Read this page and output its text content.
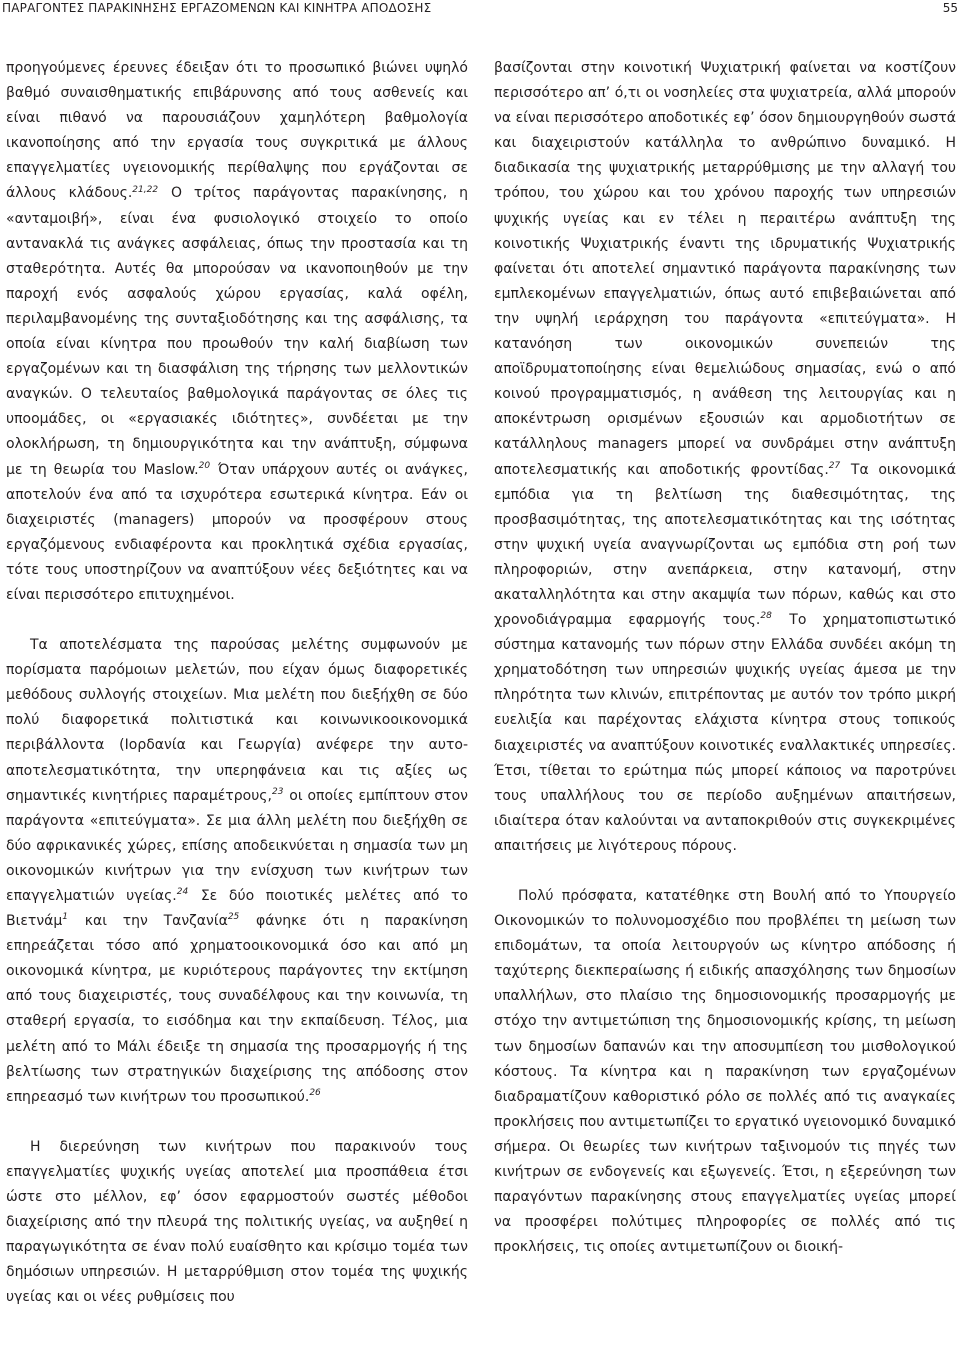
ΠΑΡΑΓΟΝΤΕΣ ΠΑΡΑΚΙΝΗΣΗΣ ΕΡΓΑΖΟΜΕΝΩΝ ΚΑΙ ΚΙΝΗΤΡΑ ΑΠΟΔΟΣΗΣ	55

προηγούμενες έρευνες έδειξαν ότι το προσωπικό βιώνει υψηλό βαθμό συναισθηματικής επιβάρυνσης από τους ασθενείς και είναι πιθανό να παρουσιάζουν χαμηλότερη βαθμολογία ικανοποίησης από την εργασία τους συγκριτικά με άλλους επαγγελματίες υγειονομικής περίθαλψης που εργάζονται σε άλλους κλάδους.$^{21,22}$ Ο τρίτος παράγοντας παρακίνησης, η «ανταμοιβή», είναι ένα φυσιολογικό στοιχείο το οποίο αντανακλά τις ανάγκες ασφάλειας, όπως την προστασία και τη σταθερότητα. Αυτές θα μπορούσαν να ικανοποιηθούν με την παροχή ενός ασφαλούς χώρου εργασίας, καλά οφέλη, περιλαμβανομένης της συνταξιοδότησης και της ασφάλισης, τα οποία είναι κίνητρα που προωθούν την καλή διαβίωση των εργαζομένων και τη διασφάλιση της τήρησης των μελλοντικών αναγκών. Ο τελευταίος βαθμολογικά παράγοντας σε όλες τις υποομάδες, οι «εργασιακές ιδιότητες», συνδέεται με την ολοκλήρωση, τη δημιουργικότητα και την ανάπτυξη, σύμφωνα με τη θεωρία του Maslow.$^{20}$ Όταν υπάρχουν αυτές οι ανάγκες, αποτελούν ένα από τα ισχυρότερα εσωτερικά κίνητρα. Εάν οι διαχειριστές (managers) μπορούν να προσφέρουν στους εργαζόμενους ενδιαφέροντα και προκλητικά σχέδια εργασίας, τότε τους υποστηρίζουν να αναπτύξουν νέες δεξιότητες και να είναι περισσότερο επιτυχημένοι.

Τα αποτελέσματα της παρούσας μελέτης συμφωνούν με πορίσματα παρόμοιων μελετών, που είχαν όμως διαφορετικές μεθόδους συλλογής στοιχείων. Μια μελέτη που διεξήχθη σε δύο πολύ διαφορετικά πολιτιστικά και κοινωνικοοικονομικά περιβάλλοντα (Ιορδανία και Γεωργία) ανέφερε την αυτο-αποτελεσματικότητα, την υπερηφάνεια και τις αξίες ως σημαντικές κινητήριες παραμέτρους,$^{23}$ οι οποίες εμπίπτουν στον παράγοντα «επιτεύγματα». Σε μια άλλη μελέτη που διεξήχθη σε δύο αφρικανικές χώρες, επίσης αποδεικνύεται η σημασία των μη οικονομικών κινήτρων για την ενίσχυση των κινήτρων των επαγγελματιών υγείας.$^{24}$ Σε δύο ποιοτικές μελέτες από το Βιετνάμ$^1$ και την Τανζανία$^{25}$ φάνηκε ότι η παρακίνηση επηρεάζεται τόσο από χρηματοοικονομικά όσο και από μη οικονομικά κίνητρα, με κυριότερους παράγοντες την εκτίμηση από τους διαχειριστές, τους συναδέλφους και την κοινωνία, τη σταθερή εργασία, το εισόδημα και την εκπαίδευση. Τέλος, μια μελέτη από το Μάλι έδειξε τη σημασία της προσαρμογής ή της βελτίωσης των στρατηγικών διαχείρισης της απόδοσης στον επηρεασμό των κινήτρων του προσωπικού.$^{26}$

Η διερεύνηση των κινήτρων που παρακινούν τους επαγγελματίες ψυχικής υγείας αποτελεί μια προσπάθεια έτσι ώστε στο μέλλον, εφ’ όσον εφαρμοστούν σωστές μέθοδοι διαχείρισης από την πλευρά της πολιτικής υγείας, να αυξηθεί η παραγωγικότητα σε έναν πολύ ευαίσθητο και κρίσιμο τομέα των δημόσιων υπηρεσιών. Η μεταρρύθμιση στον τομέα της ψυχικής υγείας και οι νέες ρυθμίσεις που

βασίζονται στην κοινοτική Ψυχιατρική φαίνεται να κοστίζουν περισσότερο απ’ ό,τι οι νοσηλείες στα ψυχιατρεία, αλλά μπορούν να είναι περισσότερο αποδοτικές εφ’ όσον δημιουργηθούν σωστά και διαχειριστούν κατάλληλα το ανθρώπινο δυναμικό. Η διαδικασία της ψυχιατρικής μεταρρύθμισης με την αλλαγή του τρόπου, του χώρου και του χρόνου παροχής των υπηρεσιών ψυχικής υγείας και εν τέλει η περαιτέρω ανάπτυξη της κοινοτικής Ψυχιατρικής έναντι της ιδρυματικής Ψυχιατρικής φαίνεται ότι αποτελεί σημαντικό παράγοντα παρακίνησης των εμπλεκομένων επαγγελματιών, όπως αυτό επιβεβαιώνεται από την υψηλή ιεράρχηση του παράγοντα «επιτεύγματα». Η κατανόηση των οικονομικών συνεπειών της αποϊδρυματοποίησης είναι θεμελιώδους σημασίας, ενώ ο από κοινού προγραμματισμός, η ανάθεση της λειτουργίας και η αποκέντρωση ορισμένων εξουσιών και αρμοδιοτήτων σε κατάλληλους managers μπορεί να συνδράμει στην ανάπτυξη αποτελεσματικής και αποδοτικής φροντίδας.$^{27}$ Τα οικονομικά εμπόδια για τη βελτίωση της διαθεσιμότητας, της προσβασιμότητας, της αποτελεσματικότητας και της ισότητας στην ψυχική υγεία αναγνωρίζονται ως εμπόδια στη ροή των πληροφοριών, στην ανεπάρκεια, στην κατανομή, στην ακαταλληλότητα και στην ακαμψία των πόρων, καθώς και στο χρονοδιάγραμμα εφαρμογής τους.$^{28}$ Το χρηματοπιστωτικό σύστημα κατανομής των πόρων στην Ελλάδα συνδέει ακόμη τη χρηματοδότηση των υπηρεσιών ψυχικής υγείας άμεσα με την πληρότητα των κλινών, επιτρέποντας με αυτόν τον τρόπο μικρή ευελιξία και παρέχοντας ελάχιστα κίνητρα στους τοπικούς διαχειριστές να αναπτύξουν κοινοτικές εναλλακτικές υπηρεσίες. Έτσι, τίθεται το ερώτημα πώς μπορεί κάποιος να παροτρύνει τους υπαλλήλους του σε περίοδο αυξημένων απαιτήσεων, ιδιαίτερα όταν καλούνται να ανταποκριθούν στις συγκεκριμένες απαιτήσεις με λιγότερους πόρους.

Πολύ πρόσφατα, κατατέθηκε στη Βουλή από το Υπουργείο Οικονομικών το πολυνομοσχέδιο που προβλέπει τη μείωση των επιδομάτων, τα οποία λειτουργούν ως κίνητρο απόδοσης ή ταχύτερης διεκπεραίωσης ή ειδικής απασχόλησης των δημοσίων υπαλλήλων, στο πλαίσιο της δημοσιονομικής προσαρμογής με στόχο την αντιμετώπιση της δημοσιονομικής κρίσης, τη μείωση των δημοσίων δαπανών και την αποσυμπίεση του μισθολογικού κόστους. Τα κίνητρα και η παρακίνηση των εργαζομένων διαδραματίζουν καθοριστικό ρόλο σε πολλές από τις αναγκαίες προκλήσεις που αντιμετωπίζει το εργατικό υγειονομικό δυναμικό σήμερα. Οι θεωρίες των κινήτρων ταξινομούν τις πηγές των κινήτρων σε ενδογενείς και εξωγενείς. Έτσι, η εξερεύνηση των παραγόντων παρακίνησης στους επαγγελματίες υγείας μπορεί να προσφέρει πολύτιμες πληροφορίες σε πολλές από τις προκλήσεις, τις οποίες αντιμετωπίζουν οι διοική-
